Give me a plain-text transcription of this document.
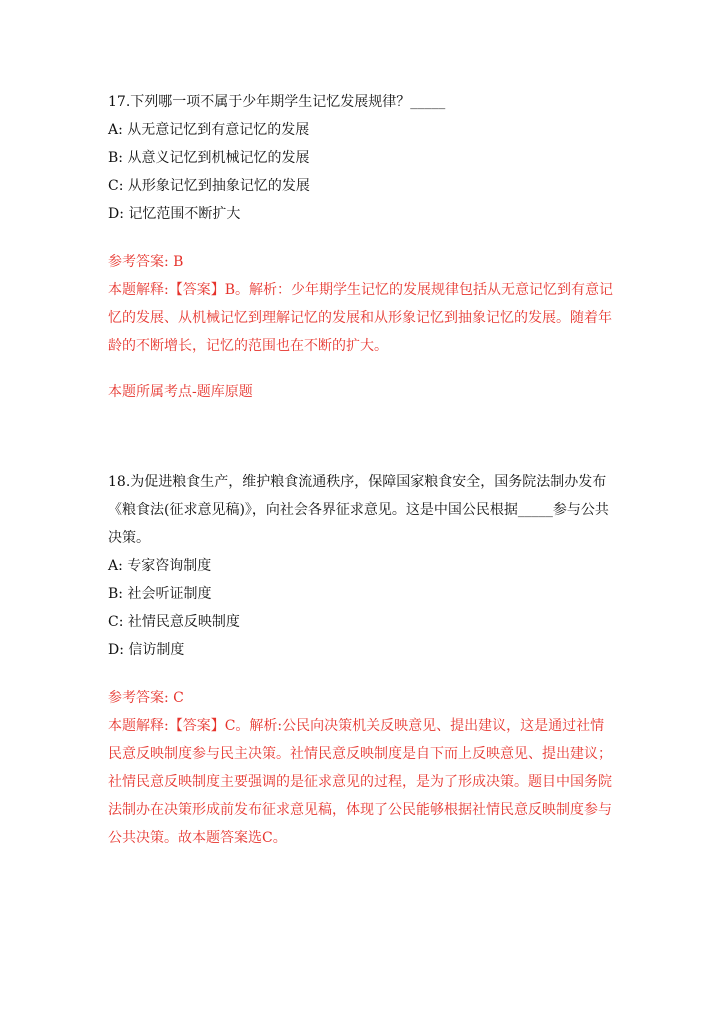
17.下列哪一项不属于少年期学生记忆发展规律？_____
A: 从无意记忆到有意记忆的发展
B: 从意义记忆到机械记忆的发展
C: 从形象记忆到抽象记忆的发展
D: 记忆范围不断扩大
参考答案: B
本题解释:【答案】B。解析：少年期学生记忆的发展规律包括从无意记忆到有意记忆的发展、从机械记忆到理解记忆的发展和从形象记忆到抽象记忆的发展。随着年龄的不断增长，记忆的范围也在不断的扩大。
本题所属考点-题库原题
18.为促进粮食生产，维护粮食流通秩序，保障国家粮食安全，国务院法制办发布《粮食法(征求意见稿)》，向社会各界征求意见。这是中国公民根据_____参与公共决策。
A: 专家咨询制度
B: 社会听证制度
C: 社情民意反映制度
D: 信访制度
参考答案: C
本题解释:【答案】C。解析:公民向决策机关反映意见、提出建议，这是通过社情民意反映制度参与民主决策。社情民意反映制度是自下而上反映意见、提出建议；社情民意反映制度主要强调的是征求意见的过程，是为了形成决策。题目中国务院法制办在决策形成前发布征求意见稿，体现了公民能够根据社情民意反映制度参与公共决策。故本题答案选C。
